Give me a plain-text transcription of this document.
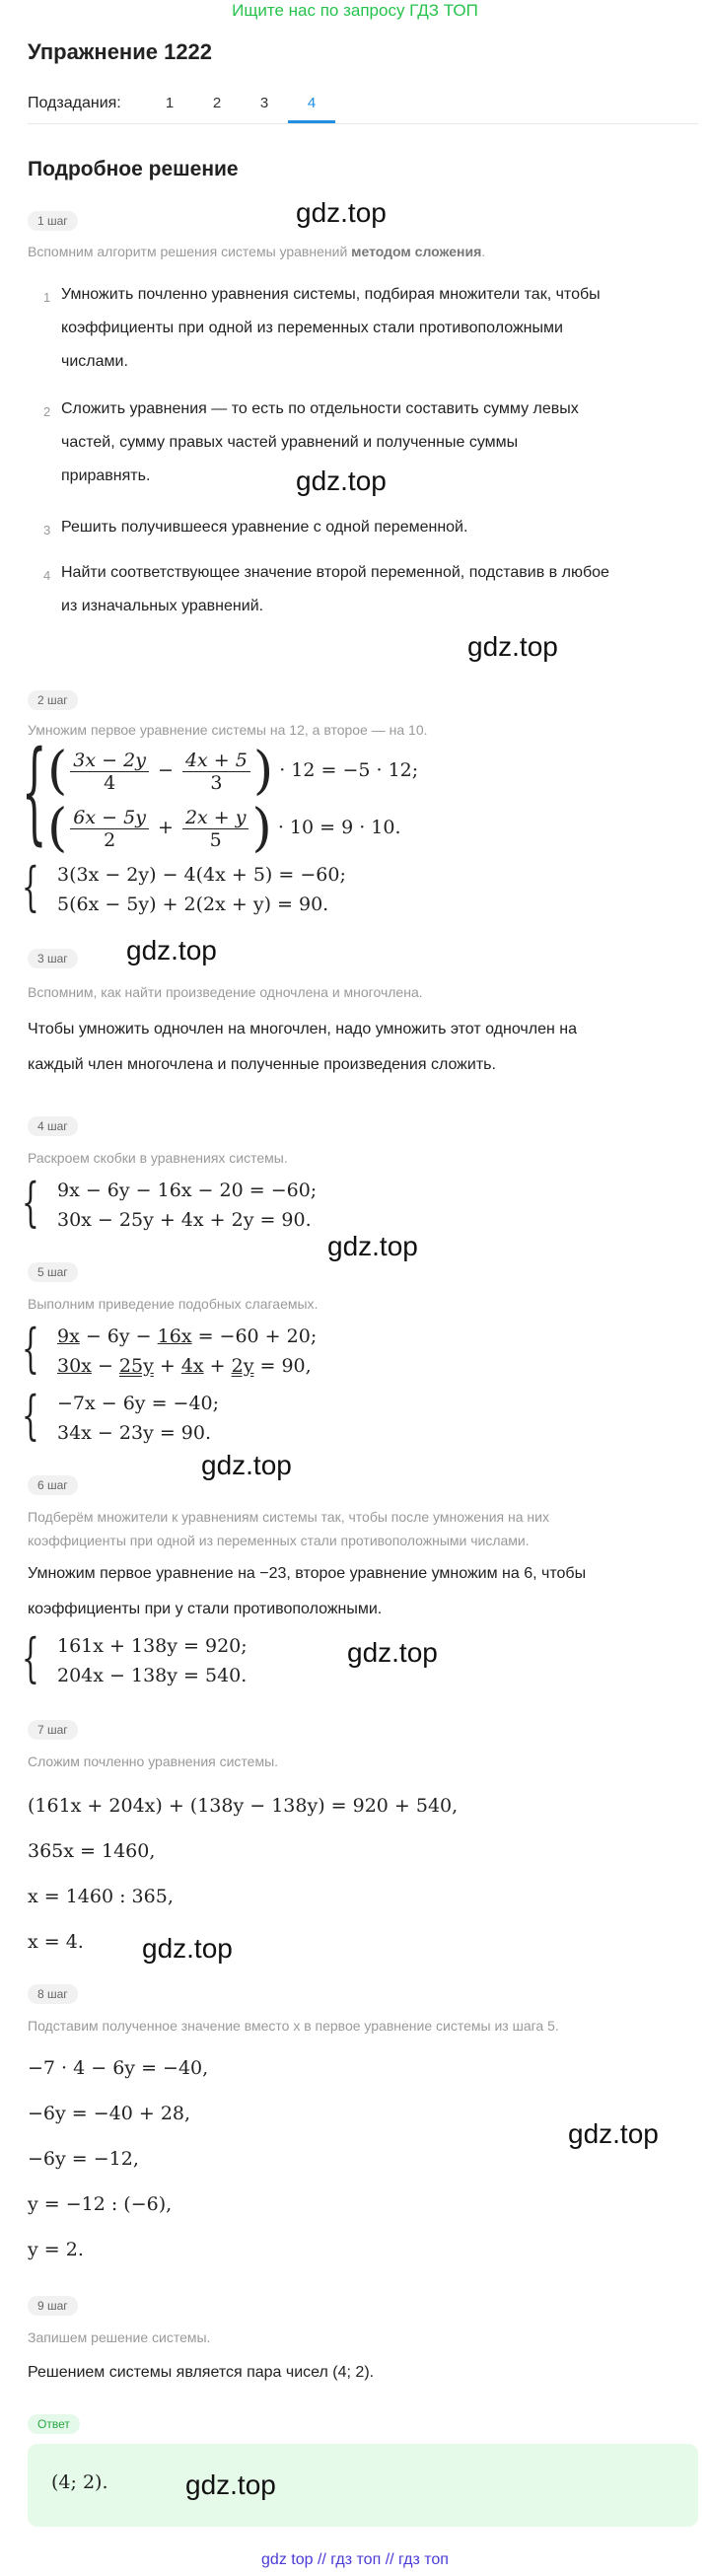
Ищите нас по запросу ГДЗ ТОП
Упражнение 1222
Подзадания:	1	2	3	4
Подробное решение
1 шаг	gdz.top
Вспомним алгоритм решения системы уравнений методом сложения.
1 Умножить почленно уравнения системы, подбирая множители так, чтобы
коэффициенты при одной из переменных стали противоположными
числами.
2 Сложить уравнения — то есть по отдельности составить сумму левых
частей, сумму правых частей уравнений и полученные суммы
приравнять.	gdz.top
3 Решить получившееся уравнение с одной переменной.
4 Найти соответствующее значение второй переменной, подставив в любое
из изначальных уравнений.
gdz.top
2 шаг
Умножим первое уравнение системы на 12, а второе — на 10.
{ ( $\frac{3x - 2y}{4} - \frac{4x + 5}{3}$ ) · 12 = −5 · 12;
( $\frac{6x - 5y}{2} + \frac{2x + y}{5}$ ) · 10 = 9 · 10.
{ 3(3x − 2y) − 4(4x + 5) = −60;
5(6x − 5y) + 2(2x + y) = 90.
3 шаг	gdz.top
Вспомним, как найти произведение одночлена и многочлена.
Чтобы умножить одночлен на многочлен, надо умножить этот одночлен на
каждый член многочлена и полученные произведения сложить.
4 шаг
Раскроем скобки в уравнениях системы.
{ 9x − 6y − 16x − 20 = −60;
30x − 25y + 4x + 2y = 90.
gdz.top
5 шаг
Выполним приведение подобных слагаемых.
{ 9x − 6y − 16x = −60 + 20;
30x − 25y + 4x + 2y = 90,
{ −7x − 6y = −40;
34x − 23y = 90.
gdz.top
6 шаг
Подберём множители к уравнениям системы так, чтобы после умножения на них
коэффициенты при одной из переменных стали противоположными числами.
Умножим первое уравнение на −23, второе уравнение умножим на 6, чтобы
коэффициенты при y стали противоположными.
{ 161x + 138y = 920;
204x − 138y = 540.
gdz.top
7 шаг
Сложим почленно уравнения системы.
(161x + 204x) + (138y − 138y) = 920 + 540,
365x = 1460,
x = 1460 : 365,
x = 4.	gdz.top
8 шаг
Подставим полученное значение вместо x в первое уравнение системы из шага 5.
−7 · 4 − 6y = −40,
−6y = −40 + 28,
−6y = −12,
y = −12 : (−6),
y = 2.
gdz.top
9 шаг
Запишем решение системы.
Решением системы является пара чисел (4; 2).
Ответ
(4; 2).	gdz.top
gdz top // гдз топ // гдз топ
